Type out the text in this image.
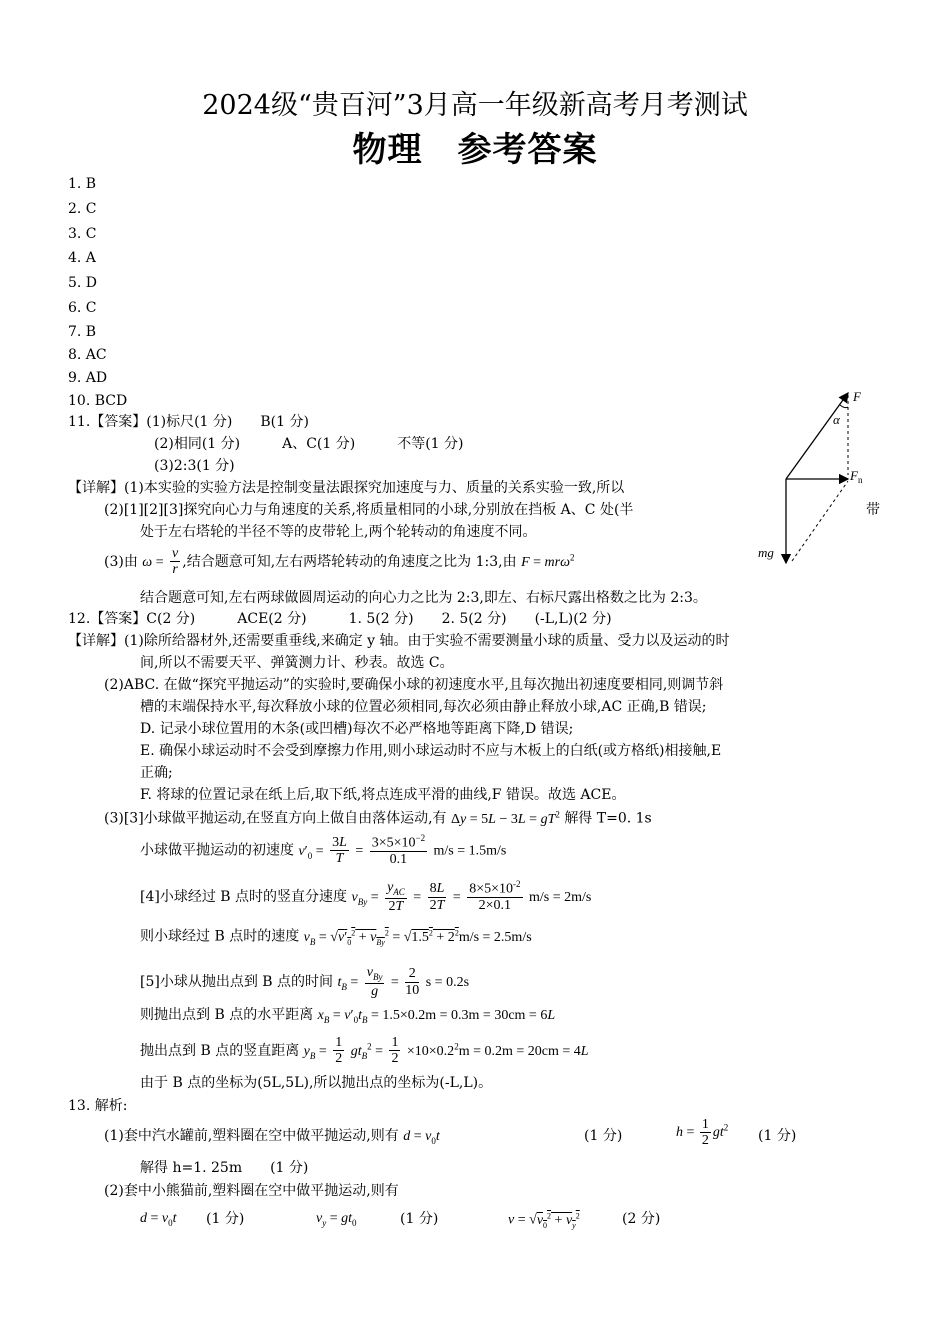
2024级“贵百河”3月高一年级新高考月考测试
物理　参考答案
1. B
2. C
3. C
4. A
5. D
6. C
7. B
8. AC
9. AD
10. BCD
11.【答案】(1)标尺(1 分)　　B(1 分)
(2)相同(1 分)　　　A、C(1 分)　　　不等(1 分)
(3)2:3(1 分)
【详解】(1)本实验的实验方法是控制变量法跟探究加速度与力、质量的关系实验一致,所以
(2)[1][2][3]探究向心力与角速度的关系,将质量相同的小球,分别放在挡板 A、C 处(半	带
处于左右塔轮的半径不等的皮带轮上,两个轮转动的角速度不同。
(3)由 $\omega = \frac{v}{r}$ ,结合题意可知,左右两塔轮转动的角速度之比为 1:3,由 F = mrω$^2$
结合题意可知,左右两球做圆周运动的向心力之比为 2:3,即左、右标尺露出格数之比为 2:3。
F
α
$F_n$
mg
12.【答案】C(2 分)　　　ACE(2 分)　　　1. 5(2 分)　　2. 5(2 分)　　(-L,L)(2 分)
【详解】(1)除所给器材外,还需要重垂线,来确定 y 轴。由于实验不需要测量小球的质量、受力以及运动的时
间,所以不需要天平、弹簧测力计、秒表。故选 C。
(2)ABC. 在做“探究平抛运动”的实验时,要确保小球的初速度水平,且每次抛出初速度要相同,则调节斜
槽的末端保持水平,每次释放小球的位置必须相同,每次必须由静止释放小球,AC 正确,B 错误;
D. 记录小球位置用的木条(或凹槽)每次不必严格地等距离下降,D 错误;
E. 确保小球运动时不会受到摩擦力作用,则小球运动时不应与木板上的白纸(或方格纸)相接触,E
正确;
F. 将球的位置记录在纸上后,取下纸,将点连成平滑的曲线,F 错误。故选 ACE。
(3)[3]小球做平抛运动,在竖直方向上做自由落体运动,有 $\Delta y = 5L - 3L = gT^2$ 解得 T=0. 1s
小球做平抛运动的初速度 $v'_0 = \frac{3L}{T} = \frac{3\times 5\times 10^{-2}}{0.1} m/s = 1.5m/s$
[4]小球经过 B 点时的竖直分速度 $v_{By} = \frac{y_{AC}}{2T} = \frac{8L}{2T} = \frac{8\times 5\times 10^{-2}}{2\times 0.1} m/s = 2m/s$
则小球经过 B 点时的速度 $v_B = √v'_0^2 + v_{By}^2 = √1.5^2 + 2^2m/s = 2.5m/s$
[5]小球从抛出点到 B 点的时间 $t_B = \frac{v_{By}}{g} = \frac{2}{10}$ s = 0.2s
则抛出点到 B 点的水平距离 $x_B = v'_0t_B = 1.5\times 0.2m = 0.3m = 30cm = 6L$
抛出点到 B 点的竖直距离 $y_B = \frac{1}{2} gt_B^2 = \frac{1}{2} \times 10\times 0.2^2m = 0.2m = 20cm = 4L$
由于 B 点的坐标为(5L,5L),所以抛出点的坐标为(-L,L)。
13. 解析:
(1)套中汽水罐前,塑料圈在空中做平抛运动,则有 $d = v_0t$	(1 分)	$h = \frac{1}{2} gt^2$
(1 分)
解得 h=1. 25m　　(1 分)
(2)套中小熊猫前,塑料圈在空中做平抛运动,则有
$d = v_0t$ (1 分)	$v_y = gt_0$	(1 分)	$v = √v_0^2 + v_y^2$	(2 分)
